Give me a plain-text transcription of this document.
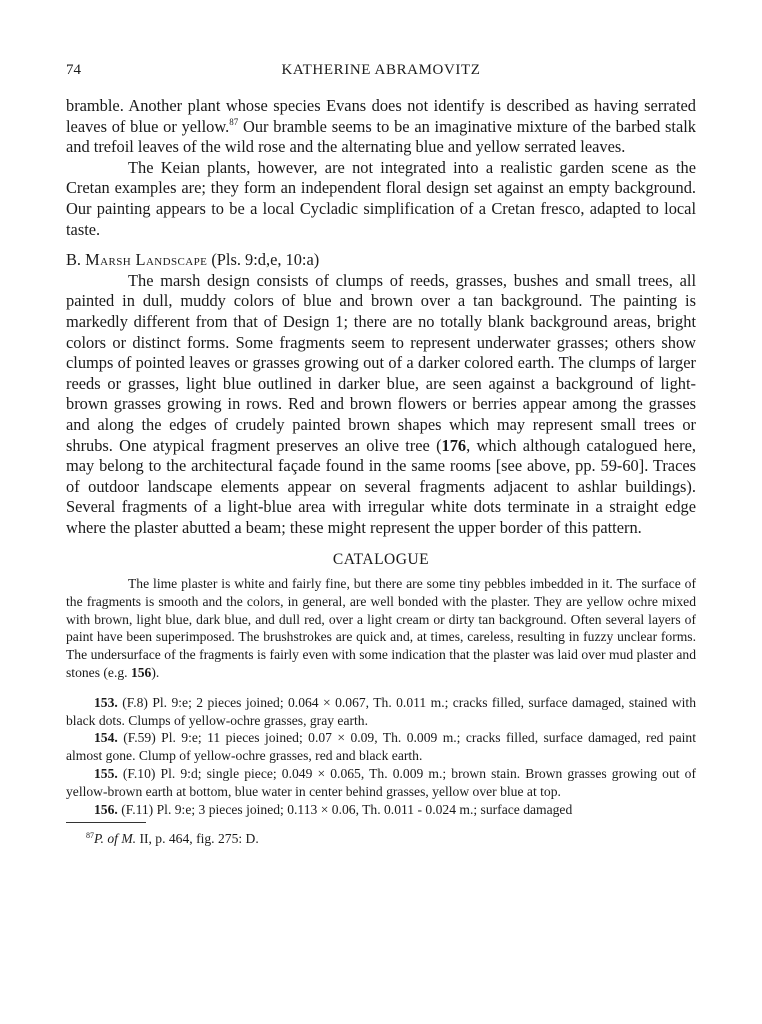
74	KATHERINE ABRAMOVITZ

bramble. Another plant whose species Evans does not identify is described as having serrated leaves of blue or yellow.$^{87}$ Our bramble seems to be an imaginative mixture of the barbed stalk and trefoil leaves of the wild rose and the alternating blue and yellow serrated leaves.

The Keian plants, however, are not integrated into a realistic garden scene as the Cretan examples are; they form an independent floral design set against an empty background. Our painting appears to be a local Cycladic simplification of a Cretan fresco, adapted to local taste.

B. Marsh Landscape (Pls. 9:d,e, 10:a)

The marsh design consists of clumps of reeds, grasses, bushes and small trees, all painted in dull, muddy colors of blue and brown over a tan background. The painting is markedly different from that of Design 1; there are no totally blank background areas, bright colors or distinct forms. Some fragments seem to represent underwater grasses; others show clumps of pointed leaves or grasses growing out of a darker colored earth. The clumps of larger reeds or grasses, light blue outlined in darker blue, are seen against a background of light-brown grasses growing in rows. Red and brown flowers or berries appear among the grasses and along the edges of crudely painted brown shapes which may represent small trees or shrubs. One atypical fragment preserves an olive tree (176, which although catalogued here, may belong to the architectural façade found in the same rooms [see above, pp. 59-60]. Traces of outdoor landscape elements appear on several fragments adjacent to ashlar buildings). Several fragments of a light-blue area with irregular white dots terminate in a straight edge where the plaster abutted a beam; these might represent the upper border of this pattern.

CATALOGUE

The lime plaster is white and fairly fine, but there are some tiny pebbles imbedded in it. The surface of the fragments is smooth and the colors, in general, are well bonded with the plaster. They are yellow ochre mixed with brown, light blue, dark blue, and dull red, over a light cream or dirty tan background. Often several layers of paint have been superimposed. The brushstrokes are quick and, at times, careless, resulting in fuzzy unclear forms. The undersurface of the fragments is fairly even with some indication that the plaster was laid over mud plaster and stones (e.g. 156).

153. (F.8) Pl. 9:e; 2 pieces joined; 0.064 × 0.067, Th. 0.011 m.; cracks filled, surface damaged, stained with black dots. Clumps of yellow-ochre grasses, gray earth.

154. (F.59) Pl. 9:e; 11 pieces joined; 0.07 × 0.09, Th. 0.009 m.; cracks filled, surface damaged, red paint almost gone. Clump of yellow-ochre grasses, red and black earth.

155. (F.10) Pl. 9:d; single piece; 0.049 × 0.065, Th. 0.009 m.; brown stain. Brown grasses growing out of yellow-brown earth at bottom, blue water in center behind grasses, yellow over blue at top.

156. (F.11) Pl. 9:e; 3 pieces joined; 0.113 × 0.06, Th. 0.011 - 0.024 m.; surface damaged

$^{87}$P. of M. II, p. 464, fig. 275: D.
